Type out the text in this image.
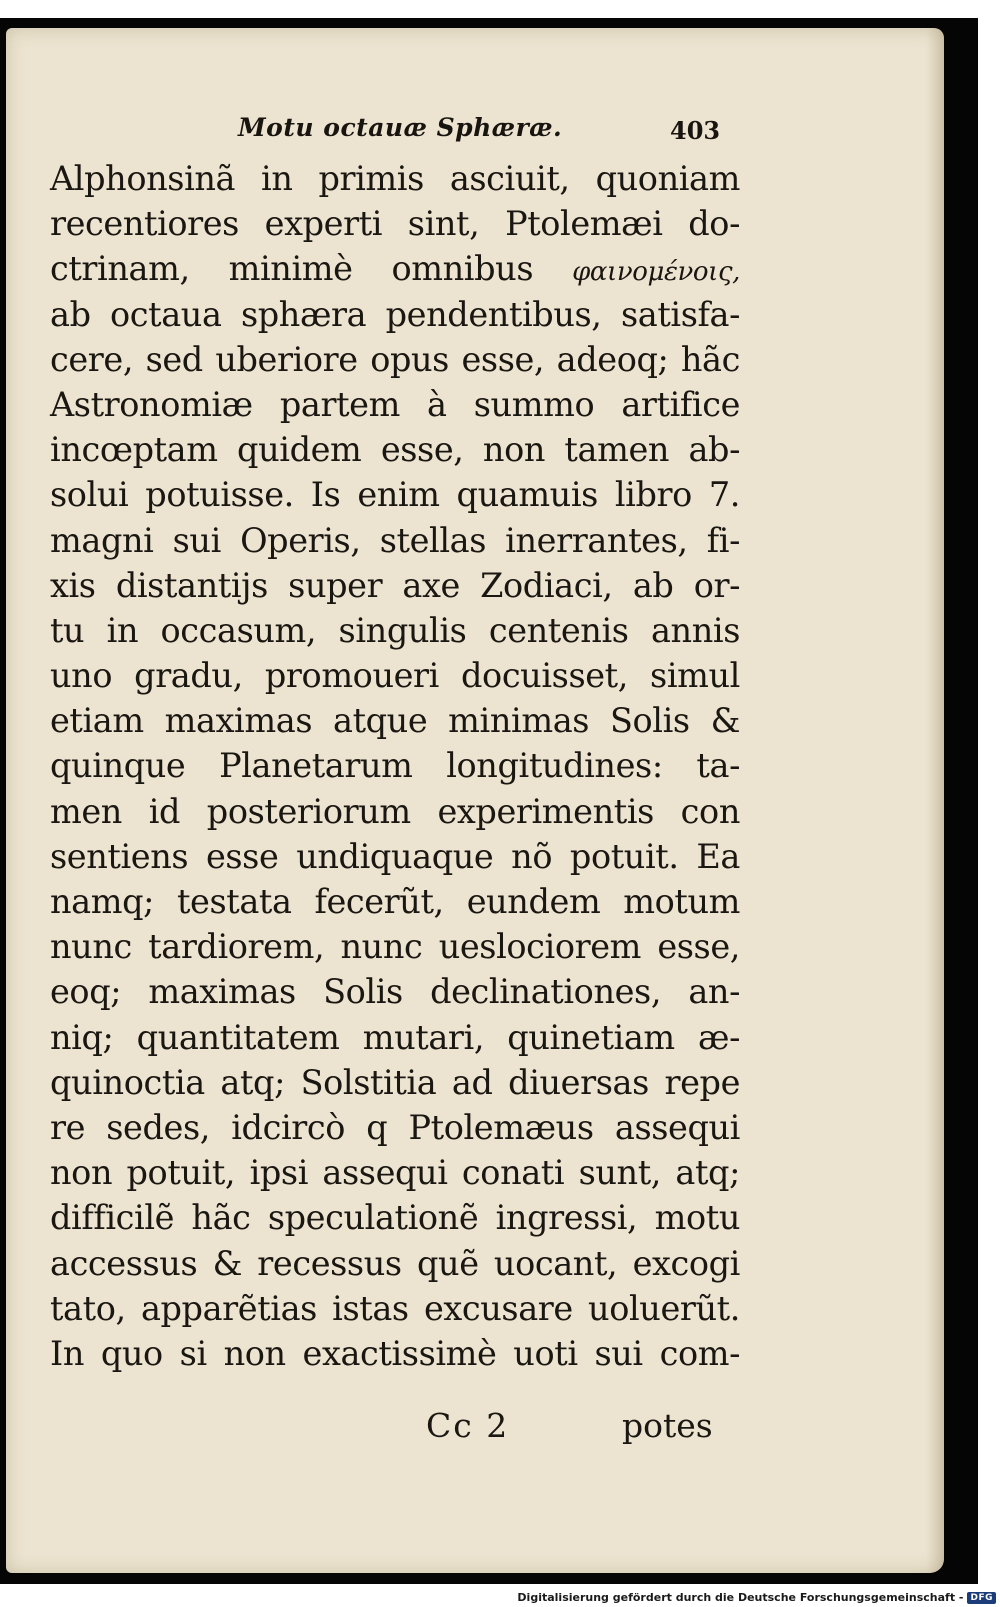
Motu octauæ Sphæræ.	403
Alphonsinã in primis asciuit, quoniam
recentiores experti sint, Ptolemæi do-
ctrinam, minimè omnibus φαινομένοις,
ab octaua sphæra pendentibus, satisfa-
cere, sed uberiore opus esse, adeoq; hãc
Astronomiæ partem à summo artifice
incœptam quidem esse, non tamen ab-
solui potuisse. Is enim quamuis libro 7.
magni sui Operis, stellas inerrantes, fi-
xis distantijs super axe Zodiaci, ab or-
tu in occasum, singulis centenis annis
uno gradu, promoueri docuisset, simul
etiam maximas atque minimas Solis &
quinque Planetarum longitudines: ta-
men id posteriorum experimentis con
sentiens esse undiquaque nõ potuit. Ea
namq; testata fecerũt, eundem motum
nunc tardiorem, nunc ueslociorem esse,
eoq; maximas Solis declinationes, an-
niq; quantitatem mutari, quinetiam æ-
quinoctia atq; Solstitia ad diuersas repe
re sedes, idcircò q Ptolemæus assequi
non potuit, ipsi assequi conati sunt, atq;
difficilẽ hãc speculationẽ ingressi, motu
accessus & recessus quẽ uocant, excogi
tato, apparẽtias istas excusare uoluerũt.
In quo si non exactissimè uoti sui com-
Cc 2	potes
Digitalisierung gefördert durch die Deutsche Forschungsgemeinschaft - DFG
